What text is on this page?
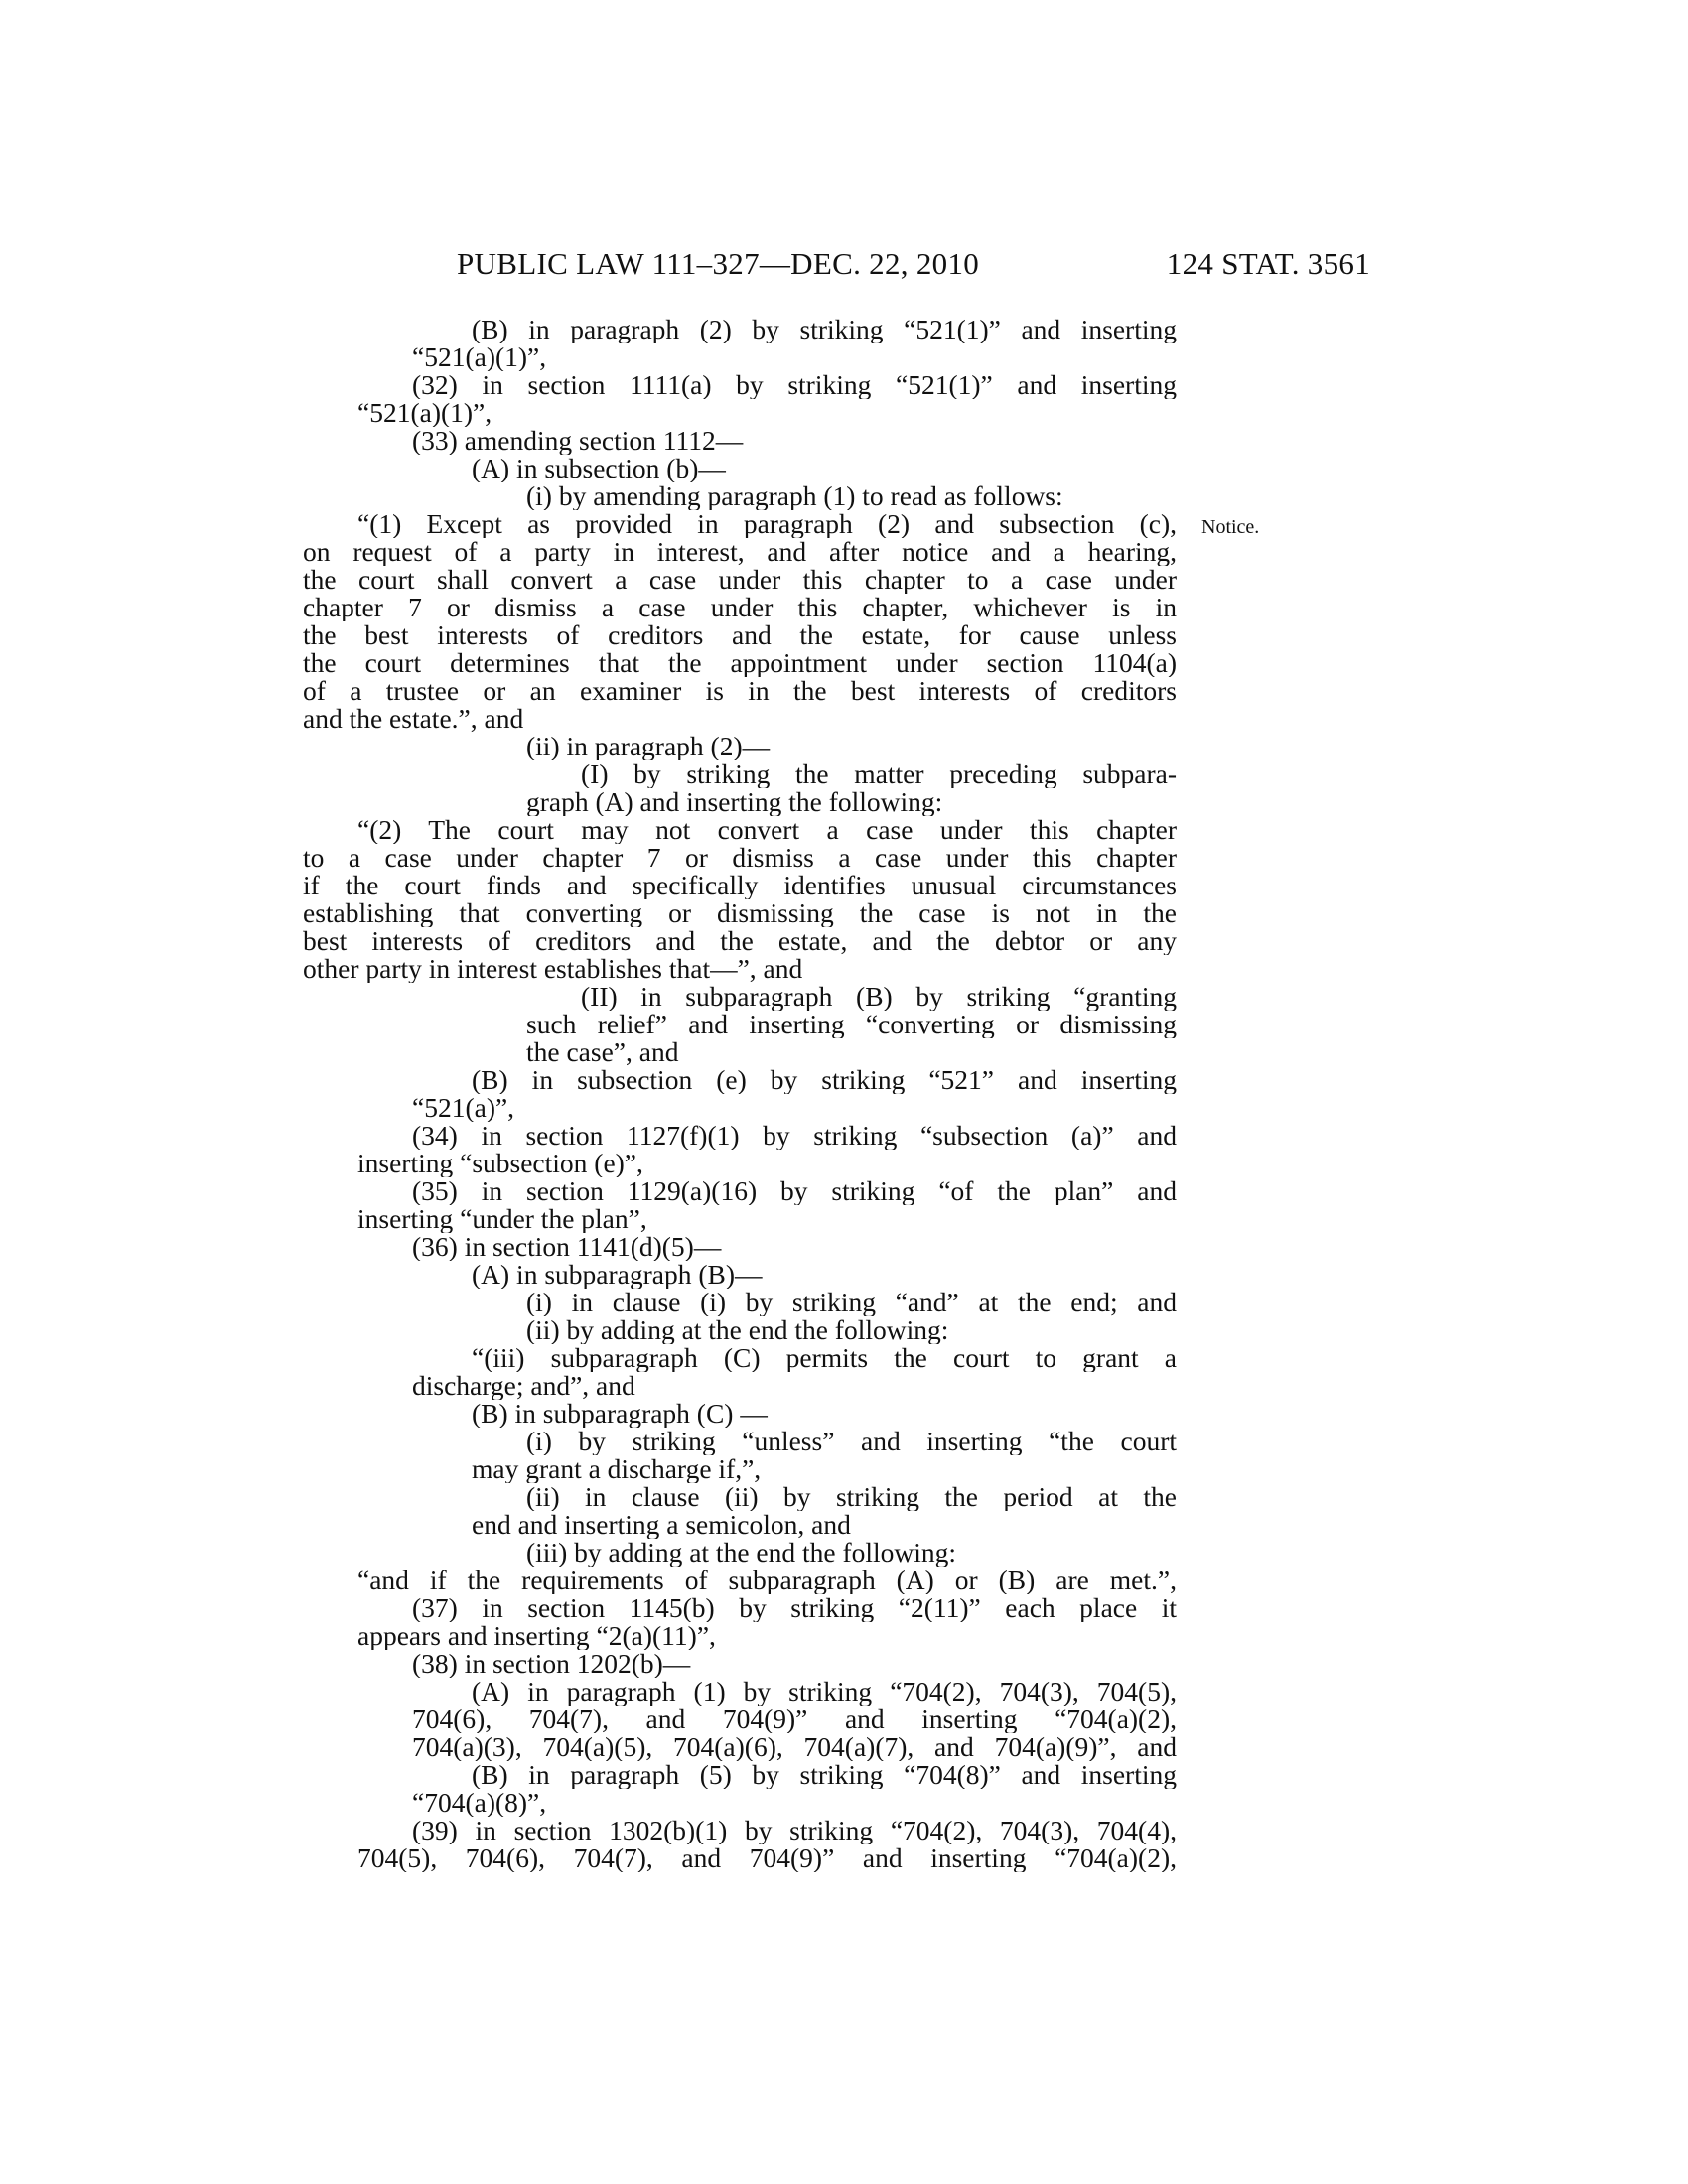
PUBLIC LAW 111–327—DEC. 22, 2010	124 STAT. 3561
Notice.
(B) in paragraph (2) by striking “521(1)” and inserting
“521(a)(1)”,
(32) in section 1111(a) by striking “521(1)” and inserting
“521(a)(1)”,
(33) amending section 1112—
(A) in subsection (b)—
(i) by amending paragraph (1) to read as follows:
“(1) Except as provided in paragraph (2) and subsection (c),
on request of a party in interest, and after notice and a hearing,
the court shall convert a case under this chapter to a case under
chapter 7 or dismiss a case under this chapter, whichever is in
the best interests of creditors and the estate, for cause unless
the court determines that the appointment under section 1104(a)
of a trustee or an examiner is in the best interests of creditors
and the estate.”, and
(ii) in paragraph (2)—
(I) by striking the matter preceding subpara-
graph (A) and inserting the following:
“(2) The court may not convert a case under this chapter
to a case under chapter 7 or dismiss a case under this chapter
if the court finds and specifically identifies unusual circumstances
establishing that converting or dismissing the case is not in the
best interests of creditors and the estate, and the debtor or any
other party in interest establishes that—”, and
(II) in subparagraph (B) by striking “granting
such relief” and inserting “converting or dismissing
the case”, and
(B) in subsection (e) by striking “521” and inserting
“521(a)”,
(34) in section 1127(f)(1) by striking “subsection (a)” and
inserting “subsection (e)”,
(35) in section 1129(a)(16) by striking “of the plan” and
inserting “under the plan”,
(36) in section 1141(d)(5)—
(A) in subparagraph (B)—
(i) in clause (i) by striking “and” at the end; and
(ii) by adding at the end the following:
“(iii) subparagraph (C) permits the court to grant a
discharge; and”, and
(B) in subparagraph (C) —
(i) by striking “unless” and inserting “the court
may grant a discharge if,”,
(ii) in clause (ii) by striking the period at the
end and inserting a semicolon, and
(iii) by adding at the end the following:
“and if the requirements of subparagraph (A) or (B) are met.”,
(37) in section 1145(b) by striking “2(11)” each place it
appears and inserting “2(a)(11)”,
(38) in section 1202(b)—
(A) in paragraph (1) by striking “704(2), 704(3), 704(5),
704(6), 704(7), and 704(9)” and inserting “704(a)(2),
704(a)(3), 704(a)(5), 704(a)(6), 704(a)(7), and 704(a)(9)”, and
(B) in paragraph (5) by striking “704(8)” and inserting
“704(a)(8)”,
(39) in section 1302(b)(1) by striking “704(2), 704(3), 704(4),
704(5), 704(6), 704(7), and 704(9)” and inserting “704(a)(2),
